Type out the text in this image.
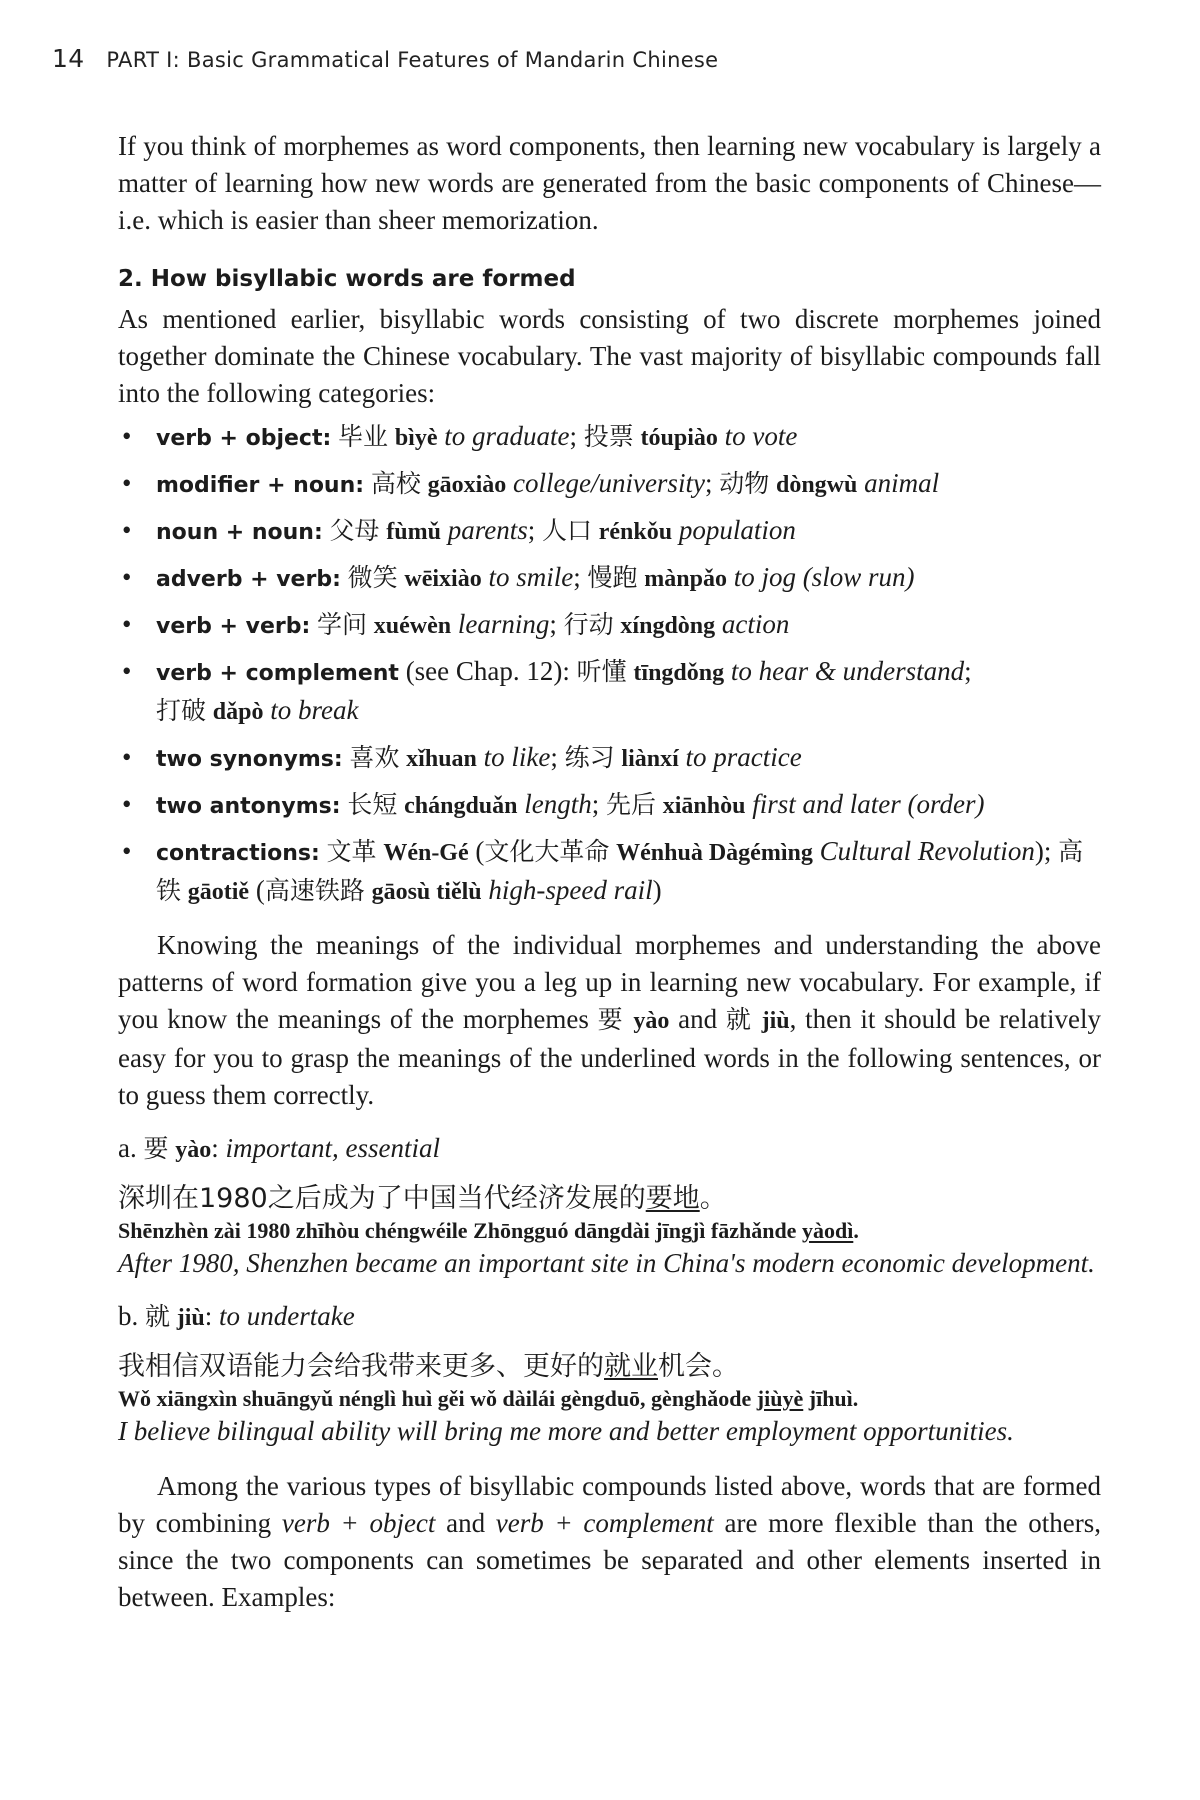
14 PART I: Basic Grammatical Features of Mandarin Chinese

If you think of morphemes as word components, then learning new vocabulary is largely a matter of learning how new words are generated from the basic components of Chinese—i.e. which is easier than sheer memorization.

2. How bisyllabic words are formed

As mentioned earlier, bisyllabic words consisting of two discrete morphemes joined together dominate the Chinese vocabulary. The vast majority of bisyllabic compounds fall into the following categories:

• verb + object: 毕业 bìyè to graduate; 投票 tóupiào to vote
• modifier + noun: 高校 gāoxiào college/university; 动物 dòngwù animal
• noun + noun: 父母 fùmǔ parents; 人口 rénkǒu population
• adverb + verb: 微笑 wēixiào to smile; 慢跑 mànpǎo to jog (slow run)
• verb + verb: 学问 xuéwèn learning; 行动 xíngdòng action
• verb + complement (see Chap. 12): 听懂 tīngdǒng to hear & understand;
打破 dǎpò to break
• two synonyms: 喜欢 xǐhuan to like; 练习 liànxí to practice
• two antonyms: 长短 chángduǎn length; 先后 xiānhòu first and later (order)
• contractions: 文革 Wén-Gé (文化大革命 Wénhuà Dàgémìng Cultural Revolution); 高铁 gāotiě (高速铁路 gāosù tiělù high-speed rail)

Knowing the meanings of the individual morphemes and understanding the above patterns of word formation give you a leg up in learning new vocabulary. For example, if you know the meanings of the morphemes 要 yào and 就 jiù, then it should be relatively easy for you to grasp the meanings of the underlined words in the following sentences, or to guess them correctly.

a. 要 yào: important, essential

深圳在1980之后成为了中国当代经济发展的要地。

Shēnzhèn zài 1980 zhīhòu chéngwéile Zhōngguó dāngdài jīngjì fāzhǎnde yàodì.

After 1980, Shenzhen became an important site in China's modern economic development.

b. 就 jiù: to undertake

我相信双语能力会给我带来更多、更好的就业机会。

Wǒ xiāngxìn shuāngyǔ nénglì huì gěi wǒ dàilái gèngduō, gènghǎode jiùyè jīhuì.

I believe bilingual ability will bring me more and better employment opportunities.

Among the various types of bisyllabic compounds listed above, words that are formed by combining verb + object and verb + complement are more flexible than the others, since the two components can sometimes be separated and other elements inserted in between. Examples:
